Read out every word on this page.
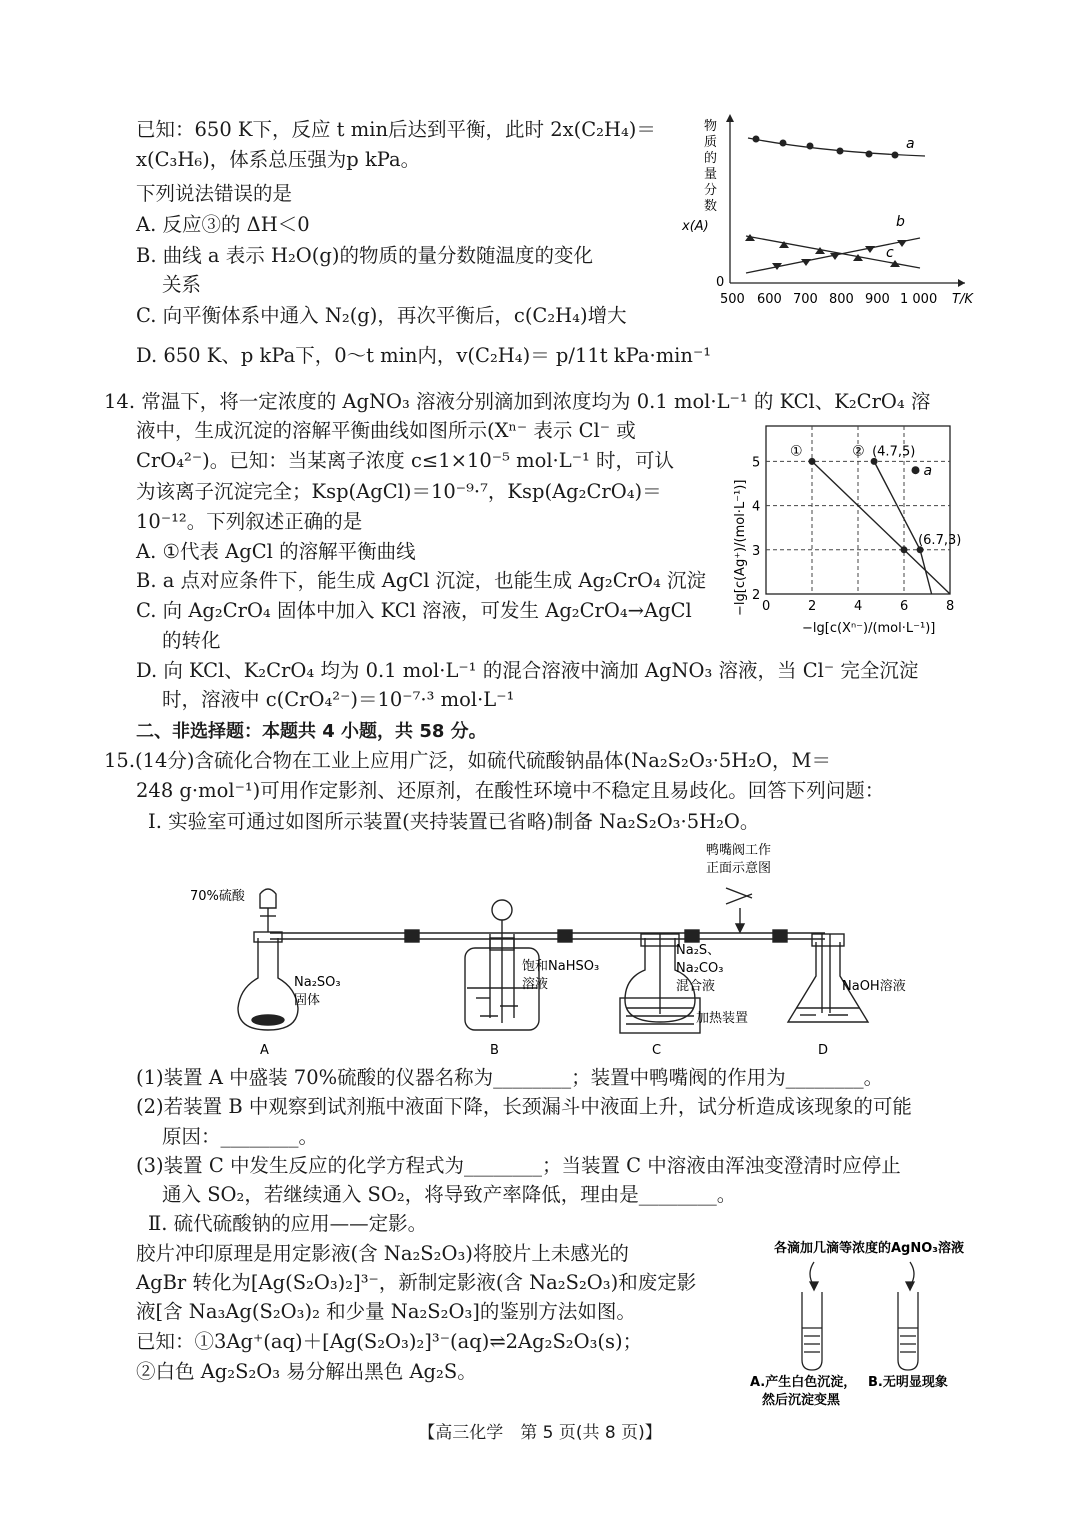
已知：650 K下，反应 t min后达到平衡，此时 2x(C₂H₄)＝
x(C₃H₆)，体系总压强为p kPa。
下列说法错误的是
A. 反应③的 ΔH＜0
B. 曲线 a 表示 H₂O(g)的物质的量分数随温度的变化
关系
C. 向平衡体系中通入 N₂(g)，再次平衡后，c(C₂H₄)增大
D. 650 K、p kPa下，0～t min内，v(C₂H₄)＝ p/11t kPa·min⁻¹
物
质
的
量
分
数
x(A)
0
500 600 700 800 900 1 000 T/K
a
b
c
14. 常温下，将一定浓度的 AgNO₃ 溶液分别滴加到浓度均为 0.1 mol·L⁻¹ 的 KCl、K₂CrO₄ 溶
液中，生成沉淀的溶解平衡曲线如图所示(Xⁿ⁻ 表示 Cl⁻ 或
CrO₄²⁻)。已知：当某离子浓度 c≤1×10⁻⁵ mol·L⁻¹ 时，可认
为该离子沉淀完全；Ksp(AgCl)＝10⁻⁹·⁷，Ksp(Ag₂CrO₄)＝
10⁻¹²。下列叙述正确的是
A. ①代表 AgCl 的溶解平衡曲线
B. a 点对应条件下，能生成 AgCl 沉淀，也能生成 Ag₂CrO₄ 沉淀
C. 向 Ag₂CrO₄ 固体中加入 KCl 溶液，可发生 Ag₂CrO₄→AgCl
的转化
D. 向 KCl、K₂CrO₄ 均为 0.1 mol·L⁻¹ 的混合溶液中滴加 AgNO₃ 溶液，当 Cl⁻ 完全沉淀
时，溶液中 c(CrO₄²⁻)＝10⁻⁷·³ mol·L⁻¹
0	2	4	6	8
2
3
4
5
①	② (4.7,5)
(6.7,3)
a
−lg[c(Ag⁺)/(mol·L⁻¹)]
−lg[c(Xⁿ⁻)/(mol·L⁻¹)]
二、非选择题：本题共 4 小题，共 58 分。
15.(14分)含硫化合物在工业上应用广泛，如硫代硫酸钠晶体(Na₂S₂O₃·5H₂O，M＝
248 g·mol⁻¹)可用作定影剂、还原剂，在酸性环境中不稳定且易歧化。回答下列问题：
Ⅰ. 实验室可通过如图所示装置(夹持装置已省略)制备 Na₂S₂O₃·5H₂O。
70%硫酸
鸭嘴阀工作
正面示意图
Na₂SO₃
固体
饱和NaHSO₃
溶液
Na₂S、
Na₂CO₃
混合液
加热装置
NaOH溶液
A	B	C	D
(1)装置 A 中盛装 70%硫酸的仪器名称为________；装置中鸭嘴阀的作用为________。
(2)若装置 B 中观察到试剂瓶中液面下降，长颈漏斗中液面上升，试分析造成该现象的可能
原因：________。
(3)装置 C 中发生反应的化学方程式为________；当装置 C 中溶液由浑浊变澄清时应停止
通入 SO₂，若继续通入 SO₂，将导致产率降低，理由是________。
Ⅱ. 硫代硫酸钠的应用——定影。
胶片冲印原理是用定影液(含 Na₂S₂O₃)将胶片上未感光的
AgBr 转化为[Ag(S₂O₃)₂]³⁻，新制定影液(含 Na₂S₂O₃)和废定影
液[含 Na₃Ag(S₂O₃)₂ 和少量 Na₂S₂O₃]的鉴别方法如图。
已知：①3Ag⁺(aq)＋[Ag(S₂O₃)₂]³⁻(aq)⇌2Ag₂S₂O₃(s)；
②白色 Ag₂S₂O₃ 易分解出黑色 Ag₂S。
各滴加几滴等浓度的AgNO₃溶液
A.产生白色沉淀，
然后沉淀变黑
B.无明显现象
【高三化学　第 5 页(共 8 页)】
